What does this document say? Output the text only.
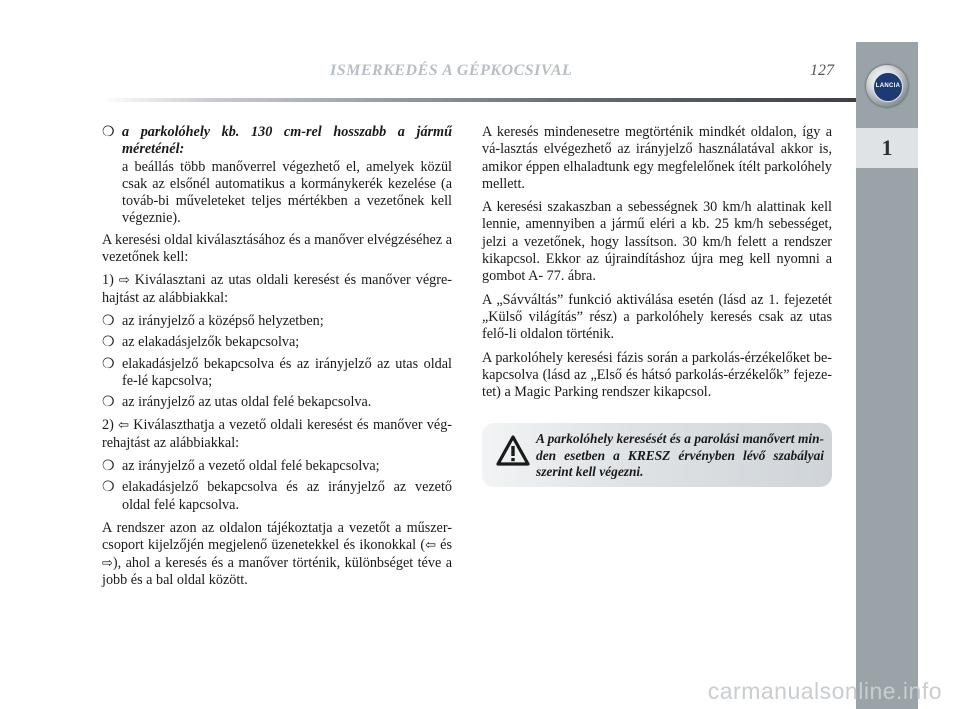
ISMERKEDÉS A GÉPKOCSIVAL	127
LANCIA
1
❍ a parkolóhely kb. 130 cm-rel hosszabb a jármű méreténél:
a beállás több manőverrel végezhető el, amelyek közül csak az elsőnél automatikus a kormánykerék kezelése (a továb-bi műveleteket teljes mértékben a vezetőnek kell végeznie).

A keresési oldal kiválasztásához és a manőver elvégzéséhez a vezetőnek kell:

1) ⇨ Kiválasztani az utas oldali keresést és manőver végre-hajtást az alábbiakkal:

❍ az irányjelző a középső helyzetben;
❍ az elakadásjelzők bekapcsolva;
❍ elakadásjelző bekapcsolva és az irányjelző az utas oldal fe-lé kapcsolva;
❍ az irányjelző az utas oldal felé bekapcsolva.

2) ⇦ Kiválaszthatja a vezető oldali keresést és manőver vég-rehajtást az alábbiakkal:

❍ az irányjelző a vezető oldal felé bekapcsolva;
❍ elakadásjelző bekapcsolva és az irányjelző az vezető oldal felé kapcsolva.

A rendszer azon az oldalon tájékoztatja a vezetőt a műszer-csoport kijelzőjén megjelenő üzenetekkel és ikonokkal (⇦ és ⇨), ahol a keresés és a manőver történik, különbséget téve a jobb és a bal oldal között.

A keresés mindenesetre megtörténik mindkét oldalon, így a vá-lasztás elvégezhető az irányjelző használatával akkor is, amikor éppen elhaladtunk egy megfelelőnek ítélt parkolóhely mellett.

A keresési szakaszban a sebességnek 30 km/h alattinak kell lennie, amennyiben a jármű eléri a kb. 25 km/h sebességet, jelzi a vezetőnek, hogy lassítson. 30 km/h felett a rendszer kikapcsol. Ekkor az újraindításhoz újra meg kell nyomni a gombot A- 77. ábra.

A „Sávváltás” funkció aktiválása esetén (lásd az 1. fejezetét „Külső világítás” rész) a parkolóhely keresés csak az utas felő-li oldalon történik.

A parkolóhely keresési fázis során a parkolás-érzékelőket be-kapcsolva (lásd az „Első és hátsó parkolás-érzékelők” fejeze-tet) a Magic Parking rendszer kikapcsol.

A parkolóhely keresését és a parolási manővert min-den esetben a KRESZ érvényben lévő szabályai szerint kell végezni.
carmanualsonline.info
